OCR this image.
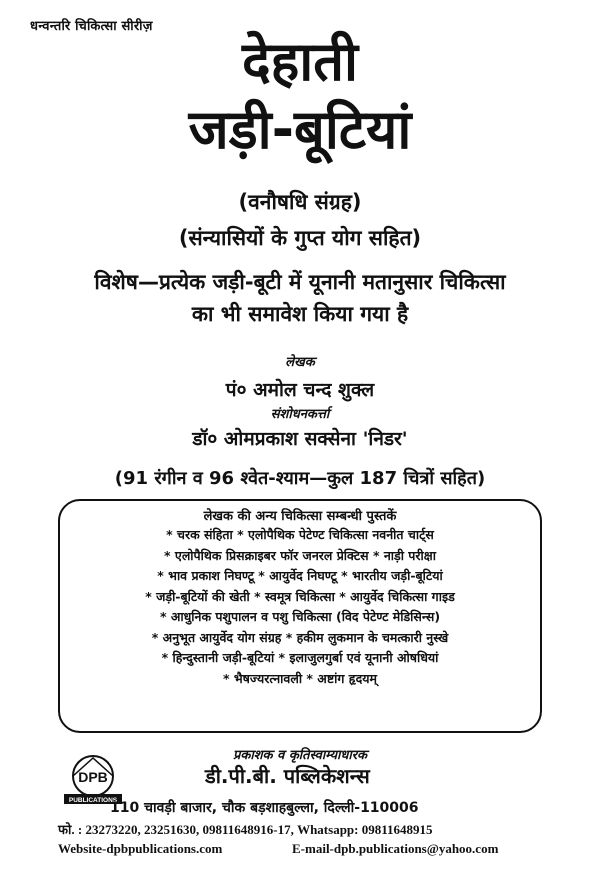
धन्वन्तरि चिकित्सा सीरीज़
देहाती
जड़ी-बूटियां
(वनौषधि संग्रह)
(संन्यासियों के गुप्त योग सहित)
विशेष—प्रत्येक जड़ी-बूटी में यूनानी मतानुसार चिकित्सा
का भी समावेश किया गया है
लेखक
पं० अमोल चन्द शुक्ल
संशोधनकर्त्ता
डॉ० ओमप्रकाश सक्सेना 'निडर'
(91 रंगीन व 96 श्वेत-श्याम—कुल 187 चित्रों सहित)
लेखक की अन्य चिकित्सा सम्बन्धी पुस्तकें
* चरक संहिता * एलोपैथिक पेटेण्ट चिकित्सा नवनीत चार्ट्स
* एलोपैथिक प्रिसक्राइबर फॉर जनरल प्रेक्टिस * नाड़ी परीक्षा
* भाव प्रकाश निघण्टू * आयुर्वेद निघण्टू * भारतीय जड़ी-बूटियां
* जड़ी-बूटियों की खेती * स्वमूत्र चिकित्सा * आयुर्वेद चिकित्सा गाइड
* आधुनिक पशुपालन व पशु चिकित्सा (विद पेटेण्ट मेडिसिन्स)
* अनुभूत आयुर्वेद योग संग्रह * हकीम लुकमान के चमत्कारी नुस्खे
* हिन्दुस्तानी जड़ी-बूटियां * इलाजुलगुर्बा एवं यूनानी ओषधियां
* भैषज्यरत्नावली * अष्टांग हृदयम्
प्रकाशक व कृतिस्वाम्याधारक
DPB
PUBLICATIONS
डी.पी.बी. पब्लिकेशन्स
110 चावड़ी बाजार, चौक बड़शाहबुल्ला, दिल्ली-110006
फो. : 23273220, 23251630, 09811648916-17, Whatsapp: 09811648915
Website-dpbpublications.com	E-mail-dpb.publications@yahoo.com
